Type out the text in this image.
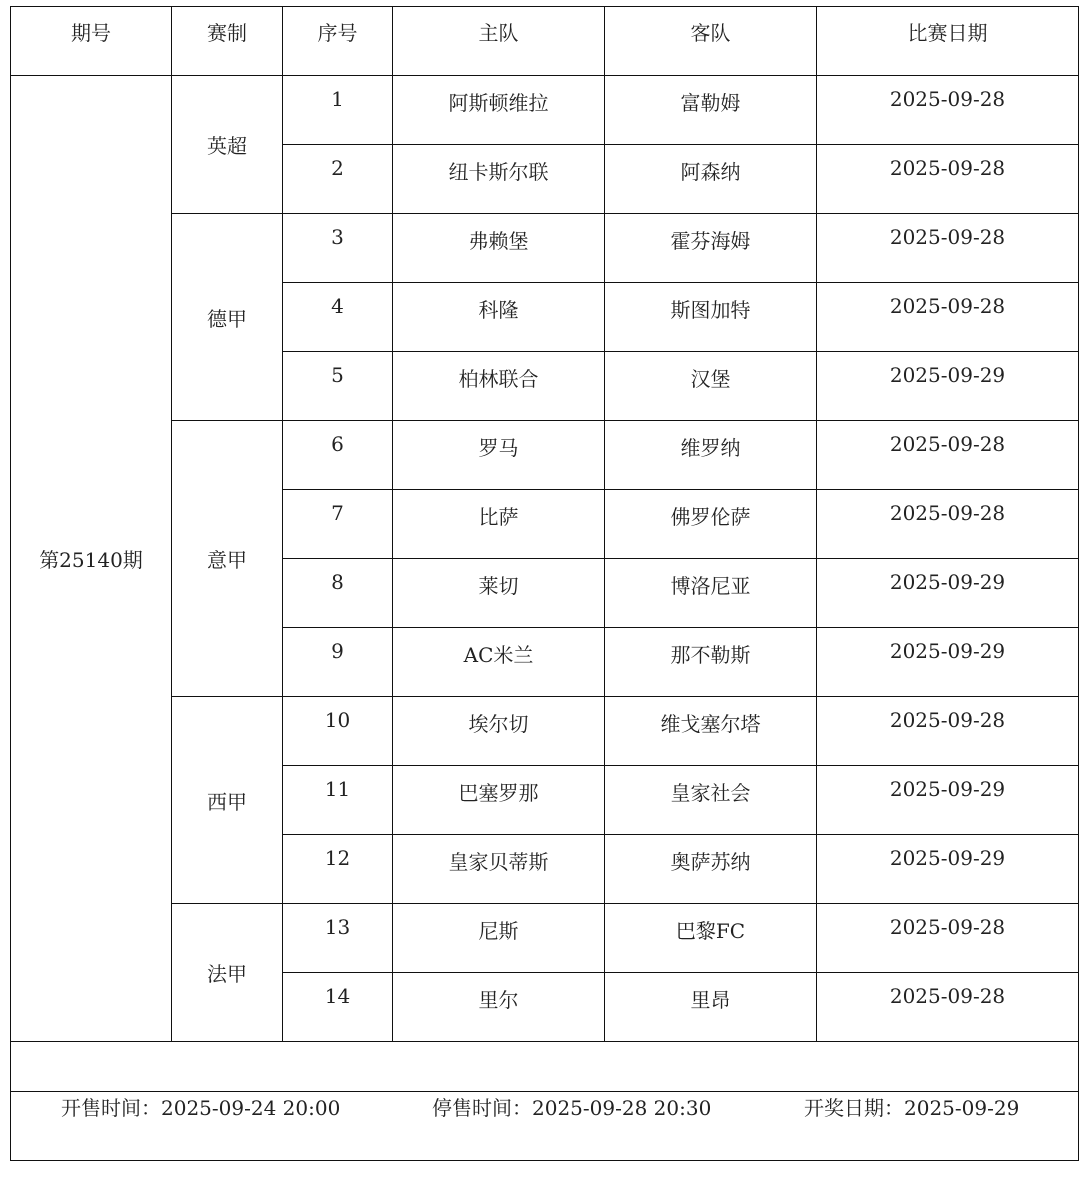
期号	赛制	序号	主队	客队	比赛日期
第25140期	英超	1	阿斯顿维拉	富勒姆	2025-09-28
		2	纽卡斯尔联	阿森纳	2025-09-28
	德甲	3	弗赖堡	霍芬海姆	2025-09-28
		4	科隆	斯图加特	2025-09-28
		5	柏林联合	汉堡	2025-09-29
	意甲	6	罗马	维罗纳	2025-09-28
		7	比萨	佛罗伦萨	2025-09-28
		8	莱切	博洛尼亚	2025-09-29
		9	AC米兰	那不勒斯	2025-09-29
	西甲	10	埃尔切	维戈塞尔塔	2025-09-28
		11	巴塞罗那	皇家社会	2025-09-29
		12	皇家贝蒂斯	奥萨苏纳	2025-09-29
	法甲	13	尼斯	巴黎FC	2025-09-28
		14	里尔	里昂	2025-09-28

开售时间：2025-09-24 20:00 停售时间：2025-09-28 20:30 开奖日期：2025-09-29					
